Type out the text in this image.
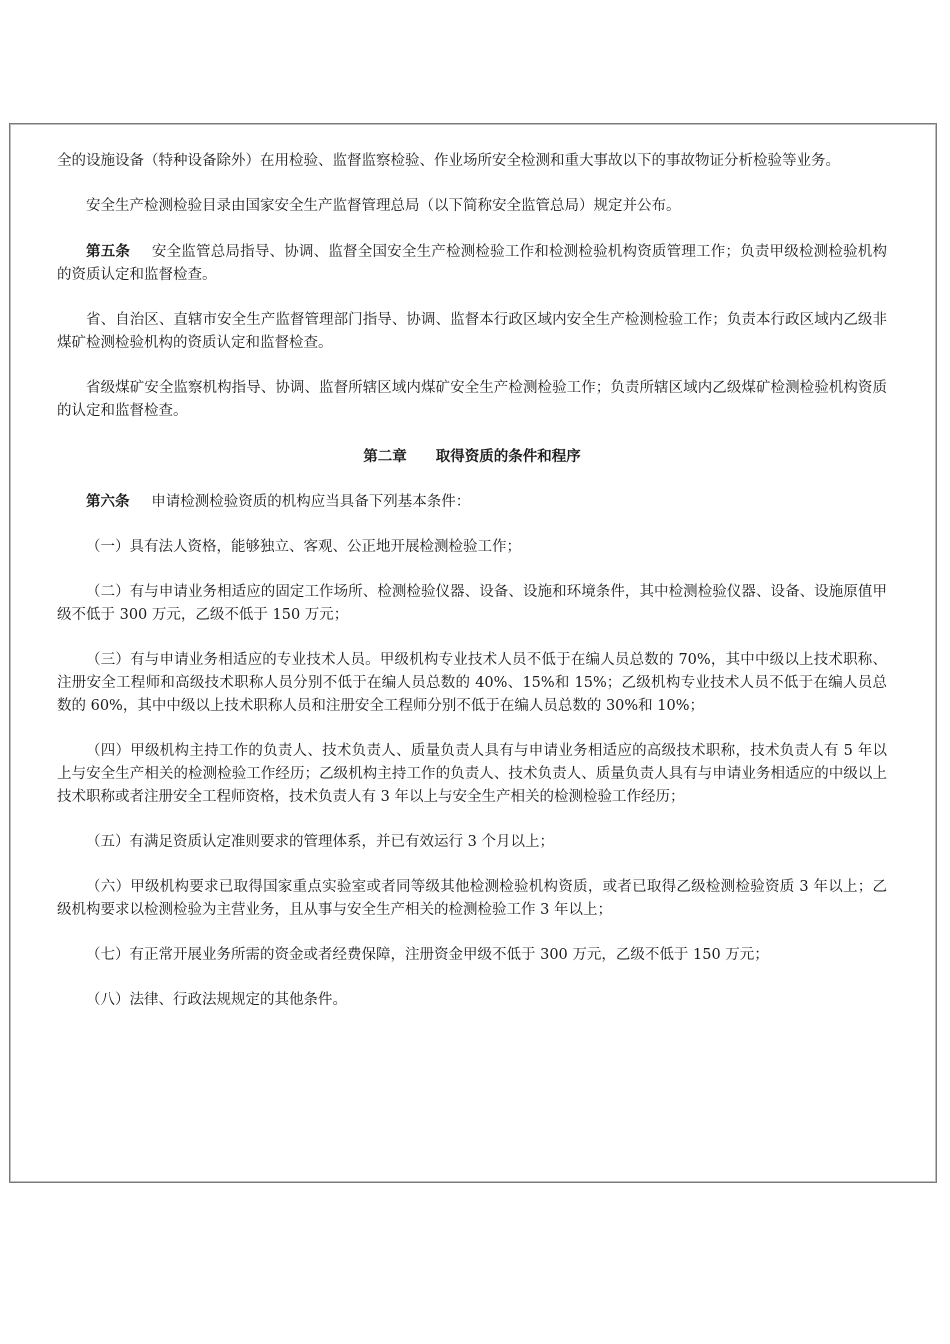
全的设施设备（特种设备除外）在用检验、监督监察检验、作业场所安全检测和重大事故以下的事故物证分析检验等业务。

安全生产检测检验目录由国家安全生产监督管理总局（以下简称安全监管总局）规定并公布。

第五条 安全监管总局指导、协调、监督全国安全生产检测检验工作和检测检验机构资质管理工作；负责甲级检测检验机构的资质认定和监督检查。

省、自治区、直辖市安全生产监督管理部门指导、协调、监督本行政区域内安全生产检测检验工作；负责本行政区域内乙级非煤矿检测检验机构的资质认定和监督检查。

省级煤矿安全监察机构指导、协调、监督所辖区域内煤矿安全生产检测检验工作；负责所辖区域内乙级煤矿检测检验机构资质的认定和监督检查。

第二章 取得资质的条件和程序

第六条 申请检测检验资质的机构应当具备下列基本条件：

（一）具有法人资格，能够独立、客观、公正地开展检测检验工作；

（二）有与申请业务相适应的固定工作场所、检测检验仪器、设备、设施和环境条件，其中检测检验仪器、设备、设施原值甲级不低于 300 万元，乙级不低于 150 万元；

（三）有与申请业务相适应的专业技术人员。甲级机构专业技术人员不低于在编人员总数的 70%，其中中级以上技术职称、注册安全工程师和高级技术职称人员分别不低于在编人员总数的 40%、15%和 15%；乙级机构专业技术人员不低于在编人员总数的 60%，其中中级以上技术职称人员和注册安全工程师分别不低于在编人员总数的 30%和 10%；

（四）甲级机构主持工作的负责人、技术负责人、质量负责人具有与申请业务相适应的高级技术职称，技术负责人有 5 年以上与安全生产相关的检测检验工作经历；乙级机构主持工作的负责人、技术负责人、质量负责人具有与申请业务相适应的中级以上技术职称或者注册安全工程师资格，技术负责人有 3 年以上与安全生产相关的检测检验工作经历；

（五）有满足资质认定准则要求的管理体系，并已有效运行 3 个月以上；

（六）甲级机构要求已取得国家重点实验室或者同等级其他检测检验机构资质，或者已取得乙级检测检验资质 3 年以上；乙级机构要求以检测检验为主营业务，且从事与安全生产相关的检测检验工作 3 年以上；

（七）有正常开展业务所需的资金或者经费保障，注册资金甲级不低于 300 万元，乙级不低于 150 万元；

（八）法律、行政法规规定的其他条件。
